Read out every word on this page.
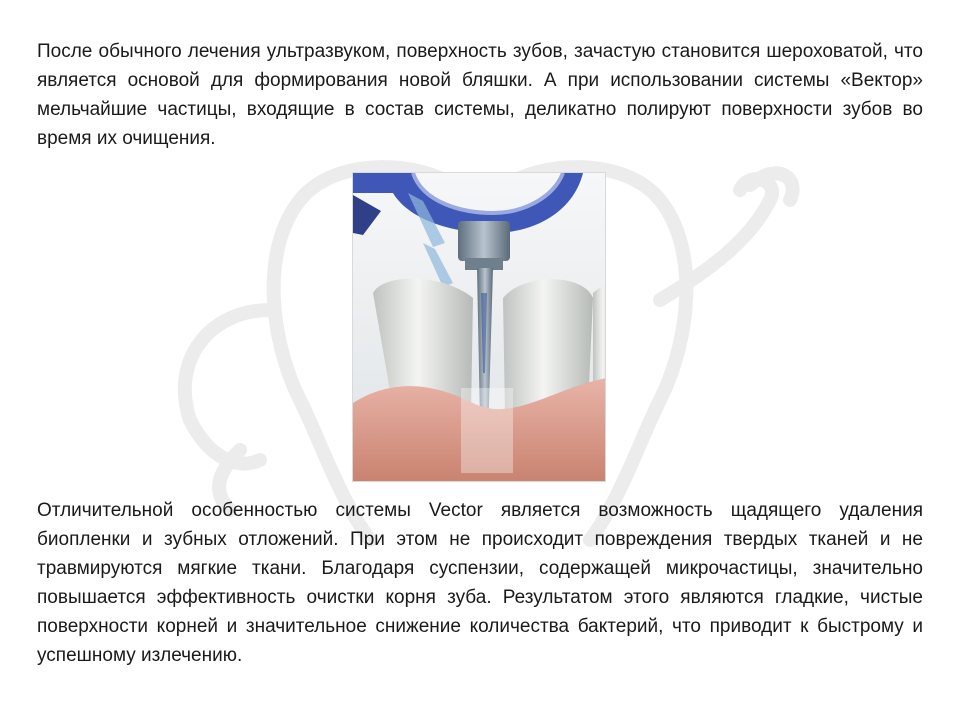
После обычного лечения ультразвуком, поверхность зубов, зачастую становится шероховатой, что является основой для формирования новой бляшки. А при использовании системы «Вектор» мельчайшие частицы, входящие в состав системы, деликатно полируют поверхности зубов во время их очищения.

Отличительной особенностью системы Vector является возможность щадящего удаления биопленки и зубных отложений. При этом не происходит повреждения твердых тканей и не травмируются мягкие ткани. Благодаря суспензии, содержащей микрочастицы, значительно повышается эффективность очистки корня зуба. Результатом этого являются гладкие, чистые поверхности корней и значительное снижение количества бактерий, что приводит к быстрому и успешному излечению.
